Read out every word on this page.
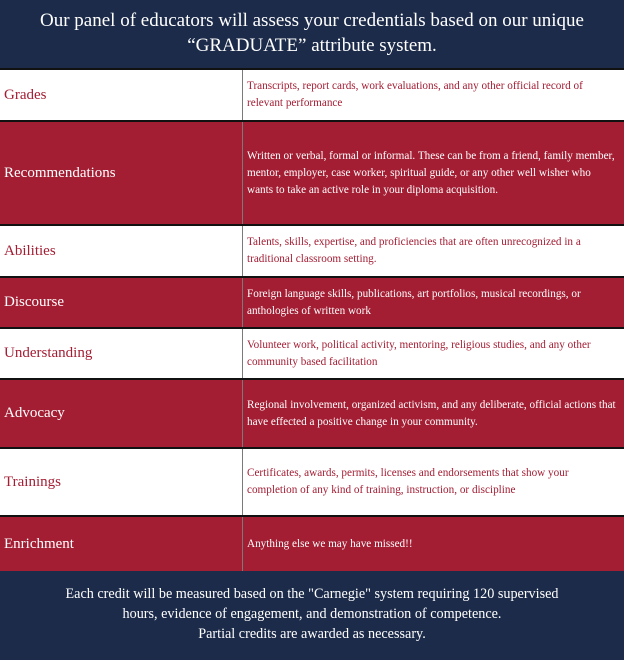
Our panel of educators will assess your credentials based on our unique
“GRADUATE” attribute system.
Grades
Transcripts, report cards, work evaluations, and any other official record of relevant performance
Recommendations
Written or verbal, formal or informal. These can be from a friend, family member, mentor, employer, case worker, spiritual guide, or any other well wisher who wants to take an active role in your diploma acquisition.
Abilities
Talents, skills, expertise, and proficiencies that are often unrecognized in a traditional classroom setting.
Discourse
Foreign language skills, publications, art portfolios, musical recordings, or anthologies of written work
Understanding
Volunteer work, political activity, mentoring, religious studies, and any other community based facilitation
Advocacy
Regional involvement, organized activism, and any deliberate, official actions that have effected a positive change in your community.
Trainings
Certificates, awards, permits, licenses and endorsements that show your completion of any kind of training, instruction, or discipline
Enrichment	Anything else we may have missed!!
Each credit will be measured based on the "Carnegie" system requiring 120 supervised
hours, evidence of engagement, and demonstration of competence.
Partial credits are awarded as necessary.
